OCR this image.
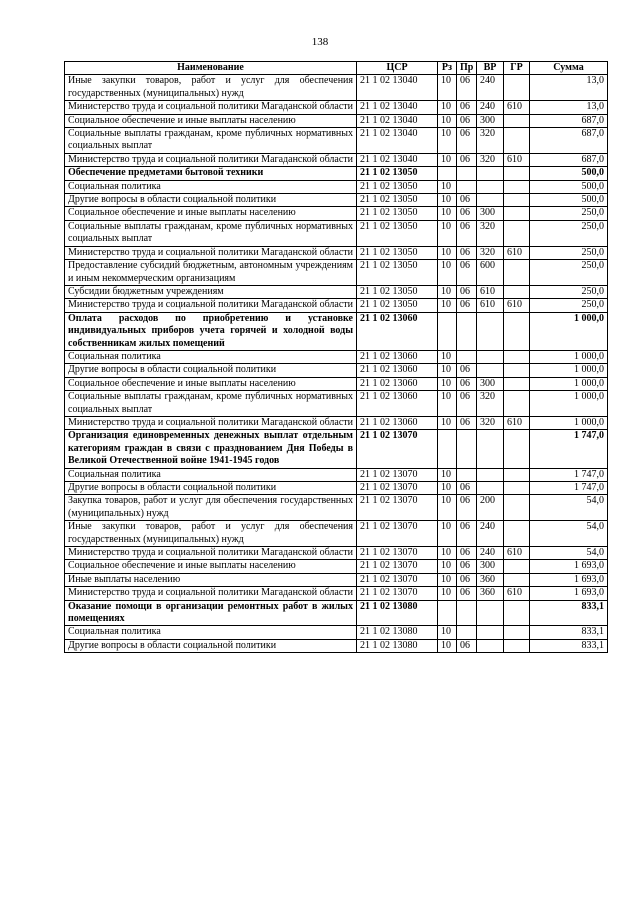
138
Наименование	ЦСР	Рз	Пр	ВР	ГР	Сумма
Иные закупки товаров, работ и услуг для обеспечения государственных (муниципальных) нужд	21 1 02 13040	10	06	240		13,0
Министерство труда и социальной политики Магаданской области	21 1 02 13040	10	06	240	610	13,0
Социальное обеспечение и иные выплаты населению	21 1 02 13040	10	06	300		687,0
Социальные выплаты гражданам, кроме публичных нормативных социальных выплат	21 1 02 13040	10	06	320		687,0
Министерство труда и социальной политики Магаданской области	21 1 02 13040	10	06	320	610	687,0
Обеспечение предметами бытовой техники	21 1 02 13050					500,0
Социальная политика	21 1 02 13050	10				500,0
Другие вопросы в области социальной политики	21 1 02 13050	10	06			500,0
Социальное обеспечение и иные выплаты населению	21 1 02 13050	10	06	300		250,0
Социальные выплаты гражданам, кроме публичных нормативных социальных выплат	21 1 02 13050	10	06	320		250,0
Министерство труда и социальной политики Магаданской области	21 1 02 13050	10	06	320	610	250,0
Предоставление субсидий бюджетным, автономным учреждениям и иным некоммерческим организациям	21 1 02 13050	10	06	600		250,0
Субсидии бюджетным учреждениям	21 1 02 13050	10	06	610		250,0
Министерство труда и социальной политики Магаданской области	21 1 02 13050	10	06	610	610	250,0
Оплата расходов по приобретению и установке индивидуальных приборов учета горячей и холодной воды собственникам жилых помещений	21 1 02 13060					1 000,0
Социальная политика	21 1 02 13060	10				1 000,0
Другие вопросы в области социальной политики	21 1 02 13060	10	06			1 000,0
Социальное обеспечение и иные выплаты населению	21 1 02 13060	10	06	300		1 000,0
Социальные выплаты гражданам, кроме публичных нормативных социальных выплат	21 1 02 13060	10	06	320		1 000,0
Министерство труда и социальной политики Магаданской области	21 1 02 13060	10	06	320	610	1 000,0
Организация единовременных денежных выплат отдельным категориям граждан в связи с празднованием Дня Победы в Великой Отечественной войне 1941-1945 годов	21 1 02 13070					1 747,0
Социальная политика	21 1 02 13070	10				1 747,0
Другие вопросы в области социальной политики	21 1 02 13070	10	06			1 747,0
Закупка товаров, работ и услуг для обеспечения государственных (муниципальных) нужд	21 1 02 13070	10	06	200		54,0
Иные закупки товаров, работ и услуг для обеспечения государственных (муниципальных) нужд	21 1 02 13070	10	06	240		54,0
Министерство труда и социальной политики Магаданской области	21 1 02 13070	10	06	240	610	54,0
Социальное обеспечение и иные выплаты населению	21 1 02 13070	10	06	300		1 693,0
Иные выплаты населению	21 1 02 13070	10	06	360		1 693,0
Министерство труда и социальной политики Магаданской области	21 1 02 13070	10	06	360	610	1 693,0
Оказание помощи в организации ремонтных работ в жилых помещениях	21 1 02 13080					833,1
Социальная политика	21 1 02 13080	10				833,1
Другие вопросы в области социальной политики	21 1 02 13080	10	06			833,1
